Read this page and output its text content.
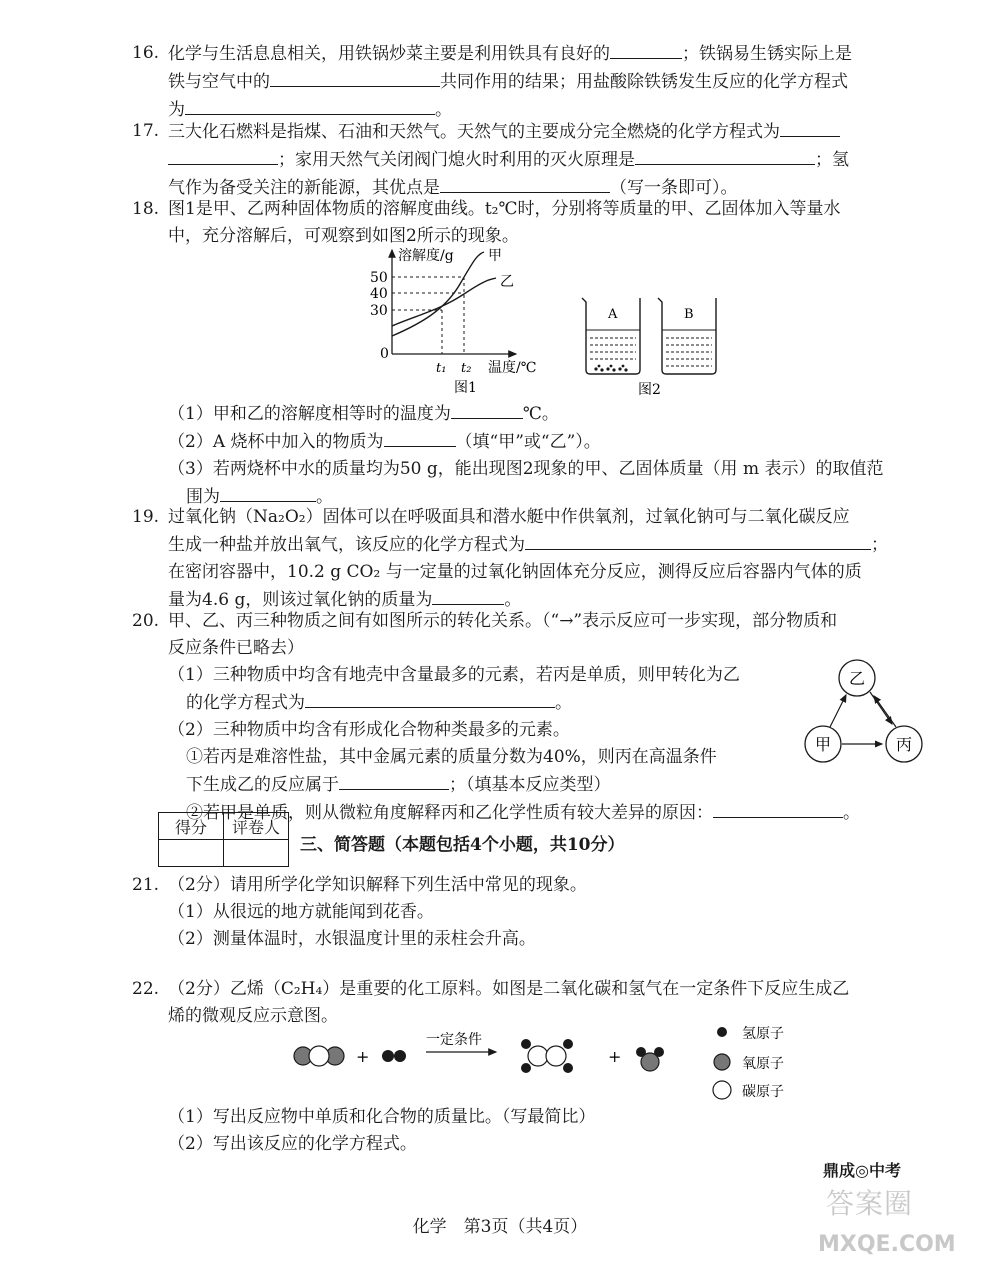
16. 化学与生活息息相关，用铁锅炒菜主要是利用铁具有良好的	；铁锅易生锈实际上是
铁与空气中的	共同作用的结果；用盐酸除铁锈发生反应的化学方程式
为	。
17. 三大化石燃料是指煤、石油和天然气。天然气的主要成分完全燃烧的化学方程式为
；家用天然气关闭阀门熄火时利用的灭火原理是	；氢
气作为备受关注的新能源，其优点是	（写一条即可）。
18. 图1是甲、乙两种固体物质的溶解度曲线。t₂℃时，分别将等质量的甲、乙固体加入等量水
中，充分溶解后，可观察到如图2所示的现象。
溶解度/g
温度/℃
50
40
30
0
t₁ t₂
甲
乙
图1
A	B
图2
（1）甲和乙的溶解度相等时的温度为	℃。
（2）A 烧杯中加入的物质为	（填“甲”或“乙”）。
（3）若两烧杯中水的质量均为50 g，能出现图2现象的甲、乙固体质量（用 m 表示）的取值范
围为	。
19. 过氧化钠（Na₂O₂）固体可以在呼吸面具和潜水艇中作供氧剂，过氧化钠可与二氧化碳反应
生成一种盐并放出氧气，该反应的化学方程式为	；
在密闭容器中，10.2 g CO₂ 与一定量的过氧化钠固体充分反应，测得反应后容器内气体的质
量为4.6 g，则该过氧化钠的质量为	。
20. 甲、乙、丙三种物质之间有如图所示的转化关系。（“→”表示反应可一步实现，部分物质和
反应条件已略去）
（1）三种物质中均含有地壳中含量最多的元素，若丙是单质，则甲转化为乙
的化学方程式为	。
（2）三种物质中均含有形成化合物种类最多的元素。
①若丙是难溶性盐，其中金属元素的质量分数为40%，则丙在高温条件
下生成乙的反应属于	；（填基本反应类型）
②若甲是单质，则从微粒角度解释丙和乙化学性质有较大差异的原因：	。
乙
甲	丙
得分	评卷人

三、简答题（本题包括4个小题，共10分）
21. （2分）请用所学化学知识解释下列生活中常见的现象。
（1）从很远的地方就能闻到花香。
（2）测量体温时，水银温度计里的汞柱会升高。
22. （2分）乙烯（C₂H₄）是重要的化工原料。如图是二氧化碳和氢气在一定条件下反应生成乙
烯的微观反应示意图。
+
一定条件
+
氢原子
氧原子
碳原子
（1）写出反应物中单质和化合物的质量比。（写最简比）
（2）写出该反应的化学方程式。
鼎成◎中考
答案圈
MXQE.COM
化学　第3页（共4页）
